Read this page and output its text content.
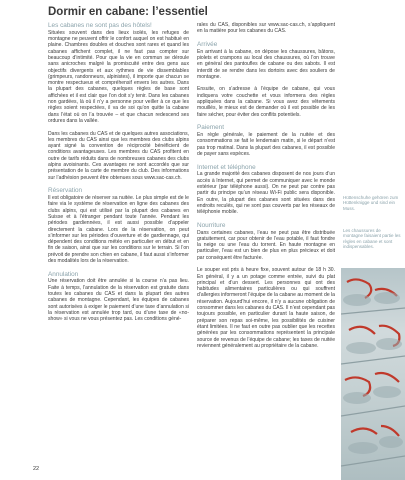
Dormir en cabane: l’essentiel
Les cabanes ne sont pas des hôtels!

Situées souvent dans des lieux isolés, les refuges de montagne ne peuvent offrir le confort auquel on est habitué en plaine. Chambres doubles et douches sont rares et quand les cabanes affichent complet, il ne faut pas compter sur beaucoup d’intimité. Pour que la vie en commun se déroule sans anicroches malgré la promiscuité entre des gens aux objectifs divergents et aux rythmes de vie dissemblables (grimpeurs, randonneurs, alpinistes), il importe que chacun se montre respectueux et compréhensif envers les autres. Dans la plupart des cabanes, quelques règles de base sont affichées et il est clair que l’on doit s’y tenir. Dans les cabanes non gardées, là où il n’y a personne pour veiller à ce que les règles soient respectées, il va de soi qu’on quitte la cabane dans l’état où on l’a trouvée – et que chacun redescend ses ordures dans la vallée.

Dans les cabanes du CAS et de quelques autres associations, les membres du CAS ainsi que les membres des clubs alpins ayant signé la convention de réciprocité bénéficient de conditions avantageuses. Les membres du CAS profitent en outre de tarifs réduits dans de nombreuses cabanes des clubs alpins avoisinants. Ces avantages ne sont accordés que sur présentation de la carte de membre du club. Des informations sur l’adhésion peuvent être obtenues sous www.sac-cas.ch.

Réservation

Il est obligatoire de réserver sa nuitée. Le plus simple est de le faire via le système de réservation en ligne des cabanes des clubs alpins, qui est utilisé par la plupart des cabanes en Suisse et à l’étranger pendant toute l’année. Pendant les périodes gardiennées, il est aussi possible d’appeler directement la cabane. Lors de la réservation, on peut s’informer sur les périodes d’ouverture et de gardiennage, qui dépendent des conditions météo en particulier en début et en fin de saison, ainsi que sur les conditions sur le terrain. Si l’on prévoit de prendre son chien en cabane, il faut aussi s’informer des modalités lors de la réservation.

Annulation

Une réservation doit être annulée si la course n’a pas lieu. Faite à temps, l’annulation de la réservation est gratuite dans toutes les cabanes du CAS et dans la plupart des autres cabanes de montagne. Cependant, les équipes de cabanes sont autorisées à exiger le paiement d’une taxe d’annulation si la réservation est annulée trop tard, ou d’une taxe de «no-show» si vous ne vous présentez pas. Les conditions géné-

rales du CAS, disponibles sur www.sac-cas.ch, s’appliquent en la matière pour les cabanes du CAS.

Arrivée

En arrivant à la cabane, on dépose les chaussures, bâtons, piolets et crampons au local des chaussures, où l’on trouve en général des pantoufles de cabane ou des sabots. Il est interdit de se rendre dans les dortoirs avec des souliers de montagne.

Ensuite, on s’adresse à l’équipe de cabane, qui vous indiquera votre couchette et vous informera des règles appliquées dans la cabane. Si vous avez des vêtements mouillés, le mieux est de demander où il est possible de les faire sécher, pour éviter des conflits potentiels.

Paiement

En règle générale, le paiement de la nuitée et des consommations se fait le lendemain matin, si le départ n’est pas trop matinal. Dans la plupart des cabanes, il est possible de payer sans espèces.

Internet et téléphone

La grande majorité des cabanes disposent de nos jours d’un accès à Internet, qui permet de communiquer avec le monde extérieur (par téléphone aussi). On ne peut par contre pas partir du principe qu’un réseau Wi-Fi public sera disponible. En outre, la plupart des cabanes sont situées dans des endroits reculés, qui ne sont pas couverts par les réseaux de téléphonie mobile.

Nourriture

Dans certaines cabanes, l’eau ne peut pas être distribuée gratuitement, car pour obtenir de l’eau potable, il faut fondre la neige ou une l’eau du torrent. En haute montagne en particulier, l’eau est un bien de plus en plus précieux et doit par conséquent être facturée.

Le souper est pris à heure fixe, souvent autour de 18 h 30. En général, il y a un potage comme entrée, suivi du plat principal et d’un dessert. Les personnes qui ont des habitudes alimentaires particulières ou qui souffrent d’allergies informeront l’équipe de la cabane au moment de la réservation. Aujourd’hui encore, il n’y a aucune obligation de consommer dans les cabanes du CAS. Il n’est cependant pas toujours possible, en particulier durant la haute saison, de préparer son repas soi-même, les possibilités de cuisiner étant limitées. Il ne faut en outre pas oublier que les recettes générées par les consommations représentent la principale source de revenus de l’équipe de cabane; les taxes de nuitée reviennent généralement au propriétaire de la cabane.

Hüttenschuhe gehören zum Hüttenknigge und sind ein Muss.
Les chaussures de montagne faisaient partie les règles en cabane et sont indispensables.
22
